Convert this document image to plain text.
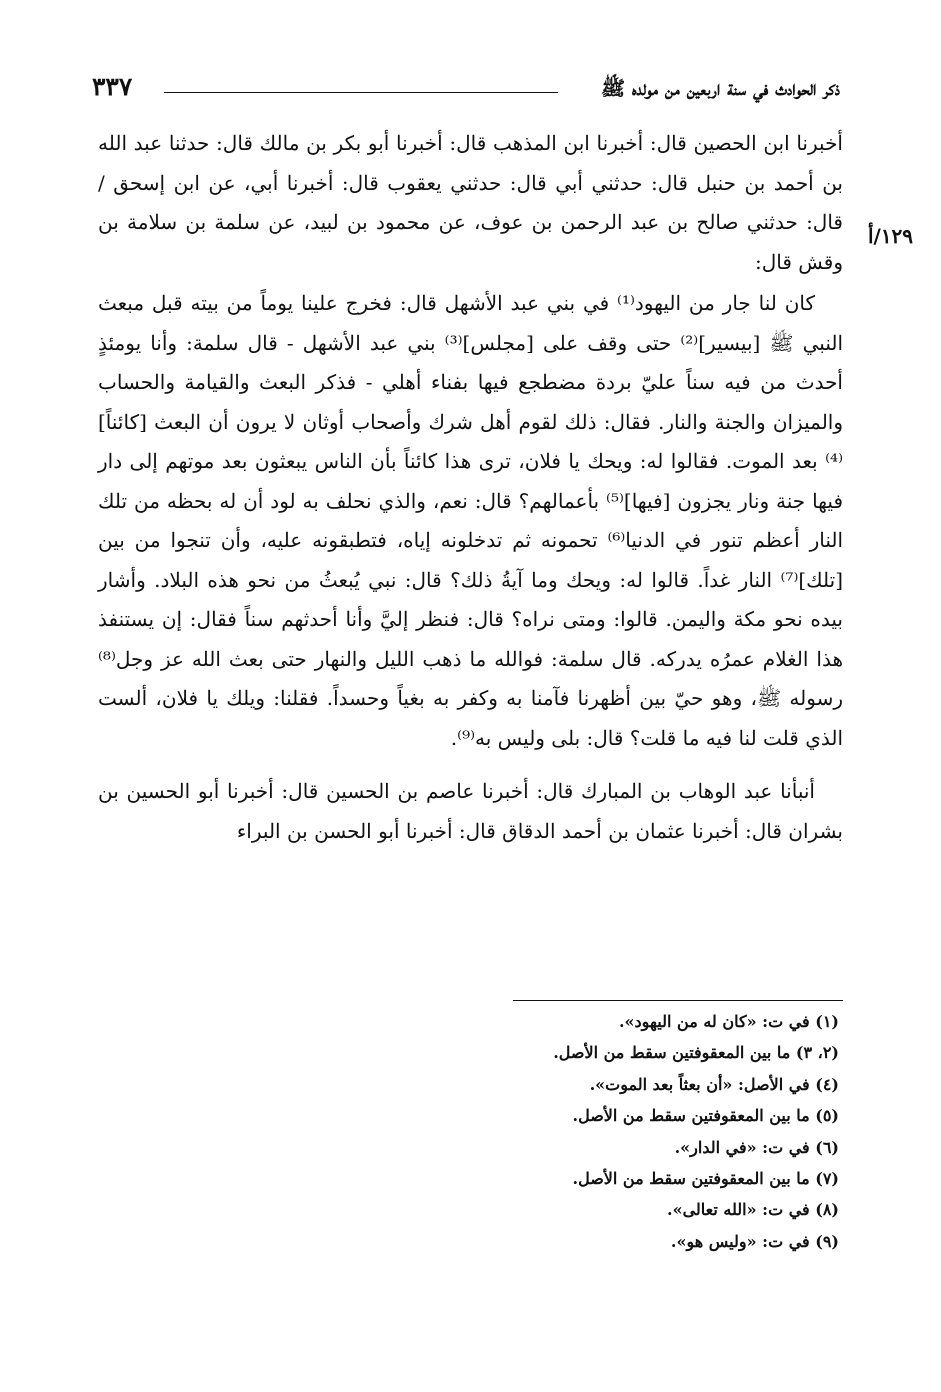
ذكر الحوادث في سنة اربعين من مولده ﷺ
٣٣٧
١٢٩/أ

أخبرنا ابن الحصين قال: أخبرنا ابن المذهب قال: أخبرنا أبو بكر بن مالك قال: حدثنا عبد الله بن أحمد بن حنبل قال: حدثني أبي قال: حدثني يعقوب قال: أخبرنا أبي، عن ابن إسحق / قال: حدثني صالح بن عبد الرحمن بن عوف، عن محمود بن لبيد، عن سلمة بن سلامة بن وقش قال:

كان لنا جار من اليهود⁽¹⁾ في بني عبد الأشهل قال: فخرج علينا يوماً من بيته قبل مبعث النبي ﷺ [بيسير]⁽²⁾ حتى وقف على [مجلس]⁽³⁾ بني عبد الأشهل - قال سلمة: وأنا يومئذٍ أحدث من فيه سناً عليّ بردة مضطجع فيها بفناء أهلي - فذكر البعث والقيامة والحساب والميزان والجنة والنار. فقال: ذلك لقوم أهل شرك وأصحاب أوثان لا يرون أن البعث [كائناً]⁽⁴⁾ بعد الموت. فقالوا له: ويحك يا فلان، ترى هذا كائناً بأن الناس يبعثون بعد موتهم إلى دار فيها جنة ونار يجزون [فيها]⁽⁵⁾ بأعمالهم؟ قال: نعم، والذي نحلف به لود أن له بحظه من تلك النار أعظم تنور في الدنيا⁽⁶⁾ تحمونه ثم تدخلونه إياه، فتطبقونه عليه، وأن تنجوا من بين [تلك]⁽⁷⁾ النار غداً. قالوا له: ويحك وما آيةُ ذلك؟ قال: نبي يُبعثُ من نحو هذه البلاد. وأشار بيده نحو مكة واليمن. قالوا: ومتى نراه؟ قال: فنظر إليَّ وأنا أحدثهم سناً فقال: إن يستنفذ هذا الغلام عمرُه يدركه. قال سلمة: فوالله ما ذهب الليل والنهار حتى بعث الله عز وجل⁽⁸⁾ رسوله ﷺ، وهو حيّ بين أظهرنا فآمنا به وكفر به بغياً وحسداً. فقلنا: ويلك يا فلان، ألست الذي قلت لنا فيه ما قلت؟ قال: بلى وليس به⁽⁹⁾.

أنبأنا عبد الوهاب بن المبارك قال: أخبرنا عاصم بن الحسين قال: أخبرنا أبو الحسين بن بشران قال: أخبرنا عثمان بن أحمد الدقاق قال: أخبرنا أبو الحسن بن البراء

(١) في ت: «كان له من اليهود».
(٢، ٣) ما بين المعقوفتين سقط من الأصل.
(٤) في الأصل: «أن بعثاً بعد الموت».
(٥) ما بين المعقوفتين سقط من الأصل.
(٦) في ت: «في الدار».
(٧) ما بين المعقوفتين سقط من الأصل.
(٨) في ت: «الله تعالى».
(٩) في ت: «وليس هو».
